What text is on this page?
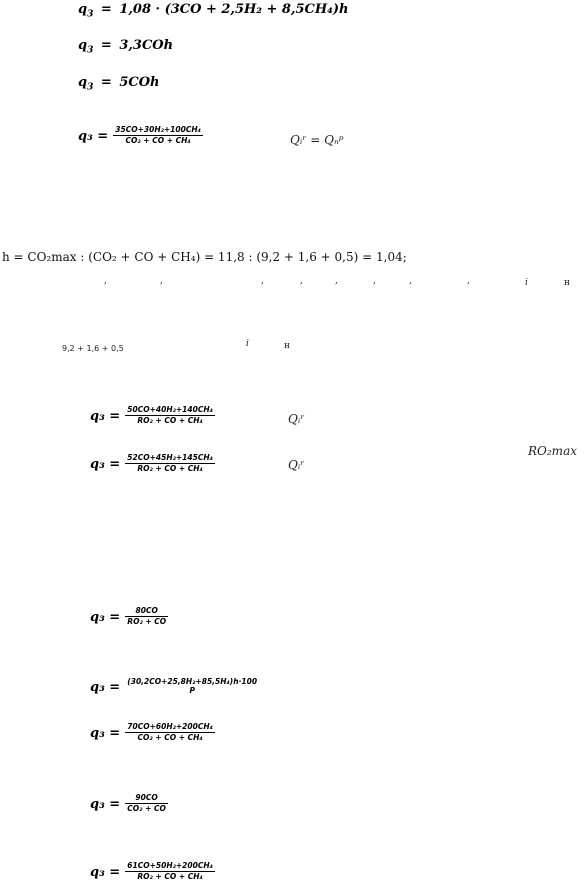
$q_3 = 1,08 \cdot (3CO + 2,5H_2 + 8,5CH_4)h$
$q_3 = 3,3COh$
$q_3 = 5COh$
$q_3 = \frac{\text{35CO+30H₂+100CH₄}}{\text{CO₂ + CO + CH₄}}$	Qᵢʳ = Qₙᵖ
h = CO₂max : (CO₂ + CO + CH₄) = 11,8 : (9,2 + 1,6 + 0,5) = 1,04;
,	,	,	,	,	,	,	,	i	н
9,2 + 1,6 + 0,5	i	н
$q_3 = \frac{\text{50CO+40H₂+140CH₄}}{\text{RO₂ + CO + CH₄}}$	Qᵢʳ
RO₂max
$q_3 = \frac{\text{52CO+45H₂+145CH₄}}{\text{RO₂ + CO + CH₄}}$	Qᵢʳ
$q_3 = \frac{80CO}{\text{RO₂ + CO}}$
q₃ = (30,2CO+25,8H₂+85,5H₄)h·100
P
$q_3 = \frac{\text{70CO+60H₂+200CH₄}}{\text{CO₂ + CO + CH₄}}$
$q_3 = \frac{90CO}{\text{CO₂ + CO}}$
$q_3 = \frac{\text{61CO+50H₂+200CH₄}}{\text{RO₂ + CO + CH₄}}$
